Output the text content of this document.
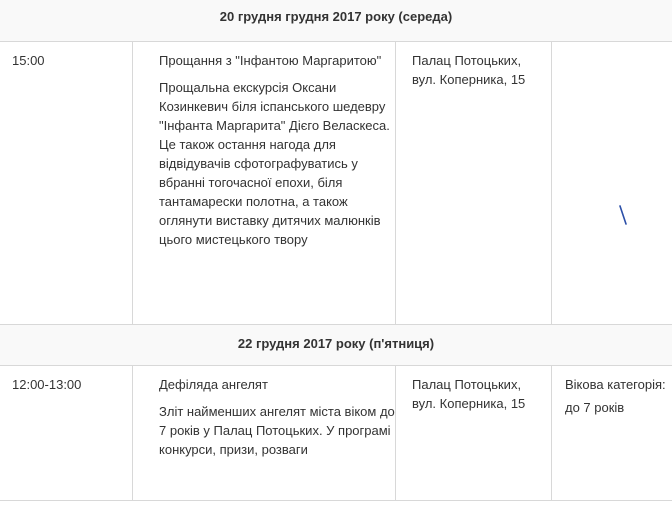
20 грудня грудня 2017 року (середа)
15:00	Прощання з "Інфантою Маргаритою"

Прощальна екскурсія Оксани Козинкевич біля іспанського шедевру "Інфанта Маргарита" Дієго Веласкеса. Це також остання нагода для відвідувачів сфотографуватись у вбранні тогочасної епохи, біля тантамарески полотна, а також оглянути виставку дитячих малюнків цього мистецького твору

Палац Потоцьких, вул. Коперника, 15

22 грудня 2017 року (п'ятниця)
12:00-13:00	Дефіляда ангелят

Зліт найменших ангелят міста віком до 7 років у Палац Потоцьких. У програмі конкурси, призи, розваги

Палац Потоцьких, вул. Коперника, 15

Вікова категорія:

до 7 років
